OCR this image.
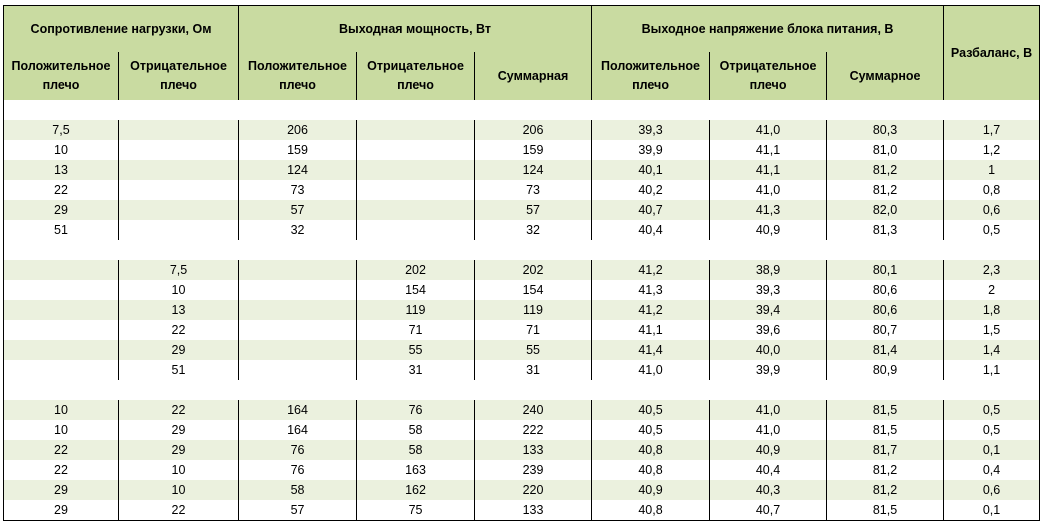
Сопротивление нагрузки, Ом		Выходная мощность, Вт			Выходное напряжение блока питания, В			Разбаланс, В
Положительное плечо	Отрицательное плечо	Положительное плечо	Отрицательное плечо	Суммарная	Положительное плечо	Отрицательное плечо	Суммарное	

7,5		206		206	39,3	41,0	80,3	1,7
10		159		159	39,9	41,1	81,0	1,2
13		124		124	40,1	41,1	81,2	1
22		73		73	40,2	41,0	81,2	0,8
29		57		57	40,7	41,3	82,0	0,6
51		32		32	40,4	40,9	81,3	0,5

	7,5		202	202	41,2	38,9	80,1	2,3
	10		154	154	41,3	39,3	80,6	2
	13		119	119	41,2	39,4	80,6	1,8
	22		71	71	41,1	39,6	80,7	1,5
	29		55	55	41,4	40,0	81,4	1,4
	51		31	31	41,0	39,9	80,9	1,1

10	22	164	76	240	40,5	41,0	81,5	0,5
10	29	164	58	222	40,5	41,0	81,5	0,5
22	29	76	58	133	40,8	40,9	81,7	0,1
22	10	76	163	239	40,8	40,4	81,2	0,4
29	10	58	162	220	40,9	40,3	81,2	0,6
29	22	57	75	133	40,8	40,7	81,5	0,1
